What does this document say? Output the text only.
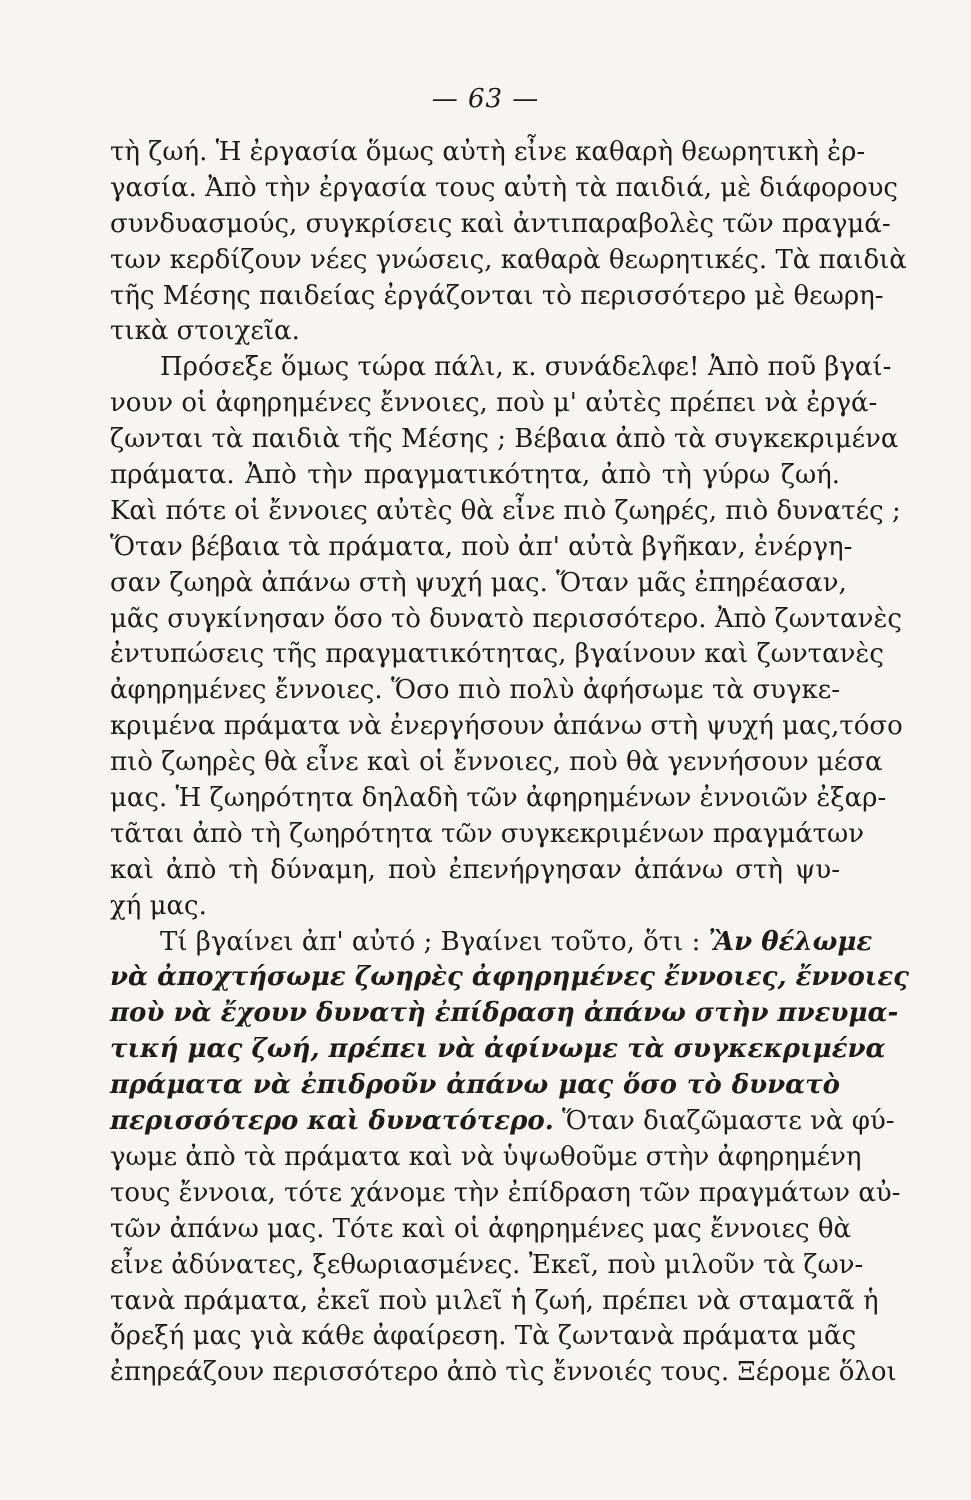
— 63 —
τὴ ζωή. Ἡ ἐργασία ὅμως αὐτὴ εἶνε καθαρὴ θεωρητικὴ ἐρ-
γασία. Ἀπὸ τὴν ἐργασία τους αὐτὴ τὰ παιδιά, μὲ διάφορους
συνδυασμούς, συγκρίσεις καὶ ἀντιπαραβολὲς τῶν πραγμά-
των κερδίζουν νέες γνώσεις, καθαρὰ θεωρητικές. Τὰ παιδιὰ
τῆς Μέσης παιδείας ἐργάζονται τὸ περισσότερο μὲ θεωρη-
τικὰ στοιχεῖα.
Πρόσεξε ὅμως τώρα πάλι, κ. συνάδελφε! Ἀπὸ ποῦ βγαί-
νουν οἱ ἀφηρημένες ἔννοιες, ποὺ μ' αὐτὲς πρέπει νὰ ἐργά-
ζωνται τὰ παιδιὰ τῆς Μέσης ; Βέβαια ἀπὸ τὰ συγκεκριμένα
πράματα. Ἀπὸ τὴν πραγματικότητα, ἀπὸ τὴ γύρω ζωή.
Καὶ πότε οἱ ἔννοιες αὐτὲς θὰ εἶνε πιὸ ζωηρές, πιὸ δυνατές ;
Ὅταν βέβαια τὰ πράματα, ποὺ ἀπ' αὐτὰ βγῆκαν, ἐνέργη-
σαν ζωηρὰ ἀπάνω στὴ ψυχή μας. Ὅταν μᾶς ἐπηρέασαν,
μᾶς συγκίνησαν ὅσο τὸ δυνατὸ περισσότερο. Ἀπὸ ζωντανὲς
ἐντυπώσεις τῆς πραγματικότητας, βγαίνουν καὶ ζωντανὲς
ἀφηρημένες ἔννοιες. Ὅσο πιὸ πολὺ ἀφήσωμε τὰ συγκε-
κριμένα πράματα νὰ ἐνεργήσουν ἀπάνω στὴ ψυχή μας,τόσο
πιὸ ζωηρὲς θὰ εἶνε καὶ οἱ ἔννοιες, ποὺ θὰ γεννήσουν μέσα
μας. Ἡ ζωηρότητα δηλαδὴ τῶν ἀφηρημένων ἐννοιῶν ἐξαρ-
τᾶται ἀπὸ τὴ ζωηρότητα τῶν συγκεκριμένων πραγμάτων
καὶ ἀπὸ τὴ δύναμη, ποὺ ἐπενήργησαν ἀπάνω στὴ ψυ-
χή μας.
Τί βγαίνει ἀπ' αὐτό ; Βγαίνει τοῦτο, ὅτι : Ἂν θέλωμε
νὰ ἀποχτήσωμε ζωηρὲς ἀφηρημένες ἔννοιες, ἔννοιες
ποὺ νὰ ἔχουν δυνατὴ ἐπίδραση ἀπάνω στὴν πνευμα-
τική μας ζωή, πρέπει νὰ ἀφίνωμε τὰ συγκεκριμένα
πράματα νὰ ἐπιδροῦν ἀπάνω μας ὅσο τὸ δυνατὸ
περισσότερο καὶ δυνατότερο. Ὅταν διαζῶμαστε νὰ φύ-
γωμε ἀπὸ τὰ πράματα καὶ νὰ ὑψωθοῦμε στὴν ἀφηρημένη
τους ἔννοια, τότε χάνομε τὴν ἐπίδραση τῶν πραγμάτων αὐ-
τῶν ἀπάνω μας. Τότε καὶ οἱ ἀφηρημένες μας ἔννοιες θὰ
εἶνε ἀδύνατες, ξεθωριασμένες. Ἐκεῖ, ποὺ μιλοῦν τὰ ζων-
τανὰ πράματα, ἐκεῖ ποὺ μιλεῖ ἡ ζωή, πρέπει νὰ σταματᾶ ἡ
ὄρεξή μας γιὰ κάθε ἀφαίρεση. Τὰ ζωντανὰ πράματα μᾶς
ἐπηρεάζουν περισσότερο ἀπὸ τὶς ἔννοιές τους. Ξέρομε ὅλοι
